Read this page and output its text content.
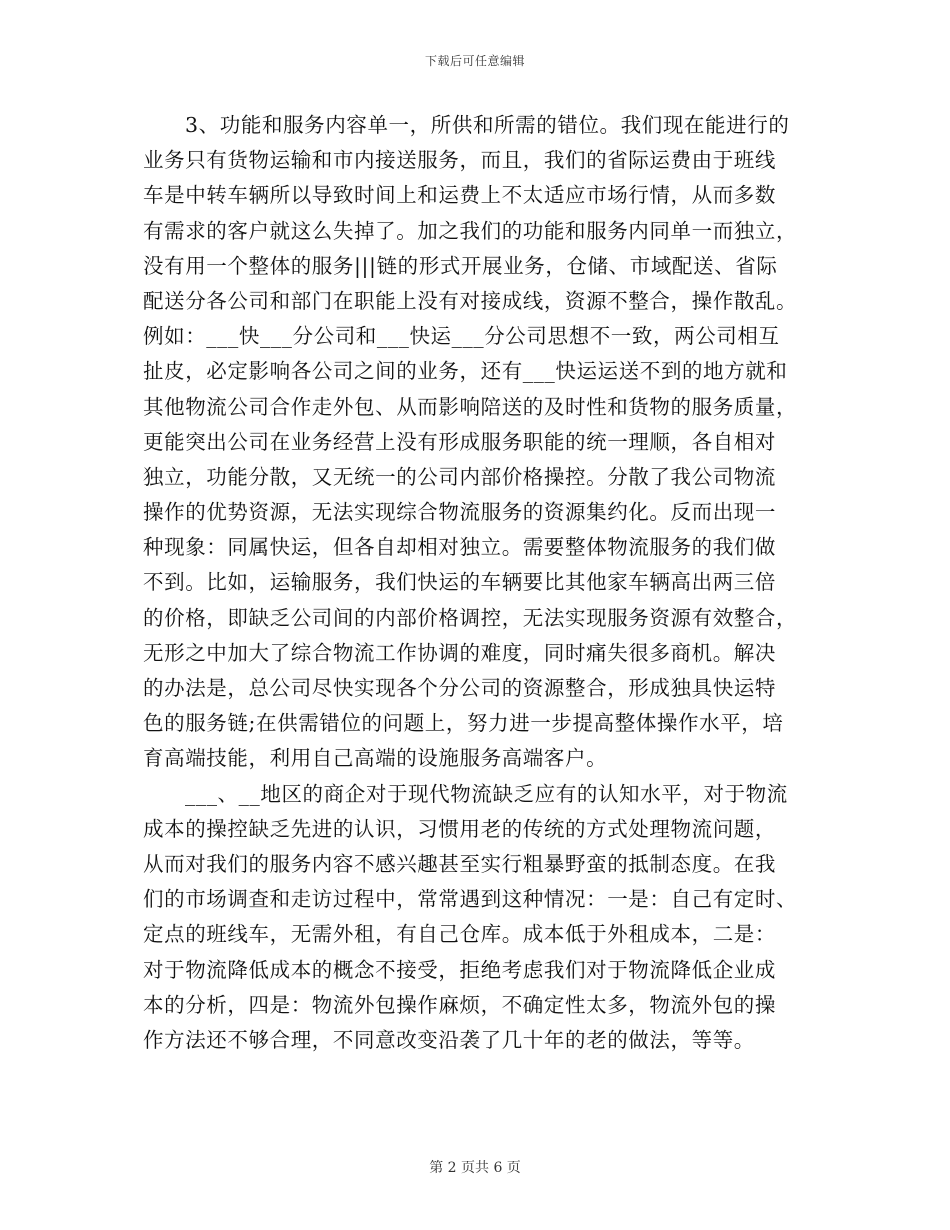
下载后可任意编辑
3、功能和服务内容单一，所供和所需的错位。我们现在能进行的
业务只有货物运输和市内接送服务，而且，我们的省际运费由于班线
车是中转车辆所以导致时间上和运费上不太适应市场行情，从而多数
有需求的客户就这么失掉了。加之我们的功能和服务内同单一而独立，
没有用一个整体的服务|||链的形式开展业务，仓储、市域配送、省际
配送分各公司和部门在职能上没有对接成线，资源不整合，操作散乱。
例如：___快___分公司和___快运___分公司思想不一致，两公司相互
扯皮，必定影响各公司之间的业务，还有___快运运送不到的地方就和
其他物流公司合作走外包、从而影响陪送的及时性和货物的服务质量，
更能突出公司在业务经营上没有形成服务职能的统一理顺，各自相对
独立，功能分散，又无统一的公司内部价格操控。分散了我公司物流
操作的优势资源，无法实现综合物流服务的资源集约化。反而出现一
种现象：同属快运，但各自却相对独立。需要整体物流服务的我们做
不到。比如，运输服务，我们快运的车辆要比其他家车辆高出两三倍
的价格，即缺乏公司间的内部价格调控，无法实现服务资源有效整合，
无形之中加大了综合物流工作协调的难度，同时痛失很多商机。解决
的办法是，总公司尽快实现各个分公司的资源整合，形成独具快运特
色的服务链;在供需错位的问题上，努力进一步提高整体操作水平，培
育高端技能，利用自己高端的设施服务高端客户。
___、__地区的商企对于现代物流缺乏应有的认知水平，对于物流
成本的操控缺乏先进的认识，习惯用老的传统的方式处理物流问题，
从而对我们的服务内容不感兴趣甚至实行粗暴野蛮的抵制态度。在我
们的市场调查和走访过程中，常常遇到这种情况：一是：自己有定时、
定点的班线车，无需外租，有自己仓库。成本低于外租成本，二是：
对于物流降低成本的概念不接受，拒绝考虑我们对于物流降低企业成
本的分析，四是：物流外包操作麻烦，不确定性太多，物流外包的操
作方法还不够合理，不同意改变沿袭了几十年的老的做法，等等。
第 2 页共 6 页
